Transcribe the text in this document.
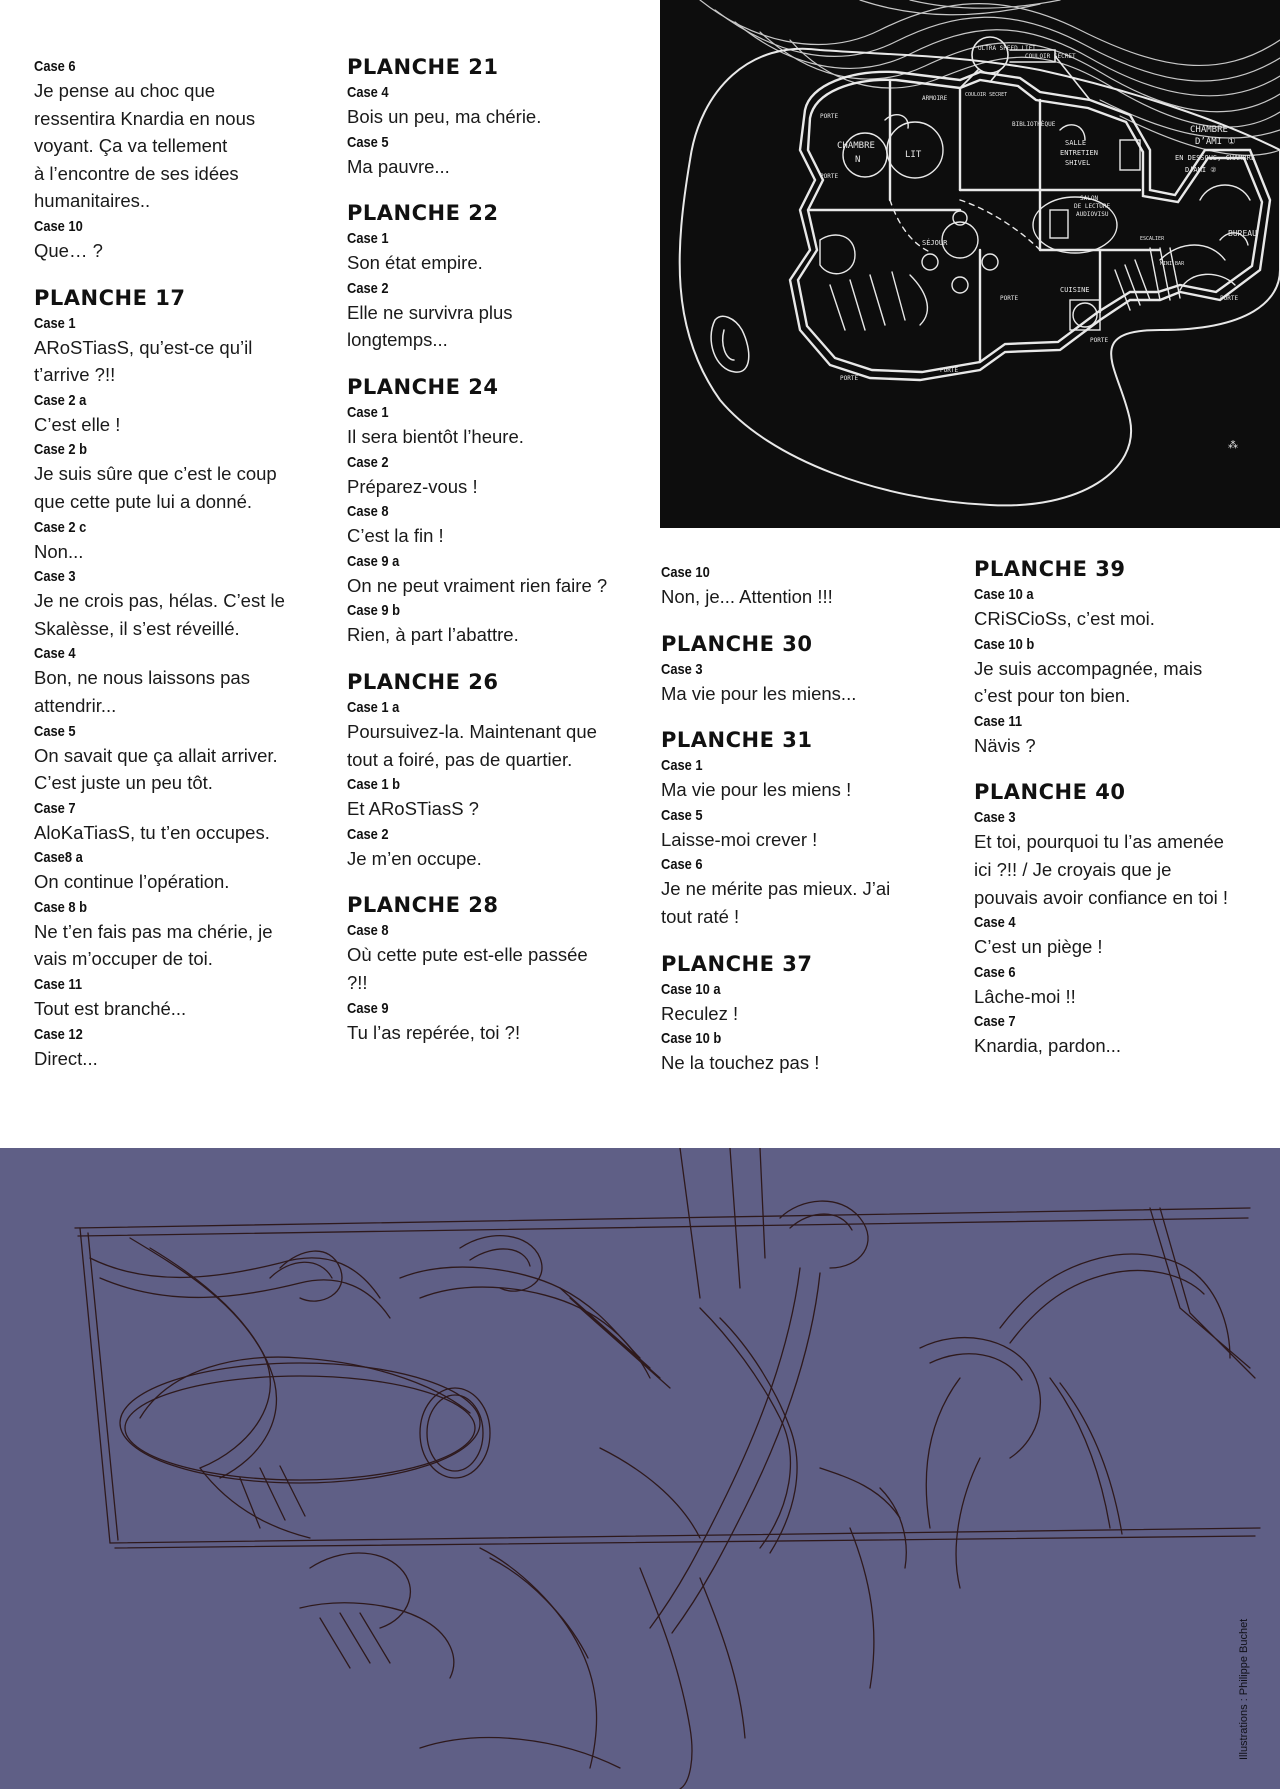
Case 6
Je pense au choc que
ressentira Knardia en nous
voyant. Ça va tellement
à l’encontre de ses idées
humanitaires..
Case 10
Que… ?
PLANCHE 17
Case 1
ARoSTiasS, qu’est-ce qu’il
t’arrive ?!!
Case 2 a
C’est elle !
Case 2 b
Je suis sûre que c’est le coup
que cette pute lui a donné.
Case 2 c
Non...
Case 3
Je ne crois pas, hélas. C’est le
Skalèsse, il s’est réveillé.
Case 4
Bon, ne nous laissons pas
attendrir...
Case 5
On savait que ça allait arriver.
C’est juste un peu tôt.
Case 7
AloKaTiasS, tu t’en occupes.
Case8 a
On continue l’opération.
Case 8 b
Ne t’en fais pas ma chérie, je
vais m’occuper de toi.
Case 11
Tout est branché...
Case 12
Direct...
PLANCHE 21
Case 4
Bois un peu, ma chérie.
Case 5
Ma pauvre...
PLANCHE 22
Case 1
Son état empire.
Case 2
Elle ne survivra plus
longtemps...
PLANCHE 24
Case 1
Il sera bientôt l’heure.
Case 2
Préparez-vous !
Case 8
C’est la fin !
Case 9 a
On ne peut vraiment rien faire ?
Case 9 b
Rien, à part l’abattre.
PLANCHE 26
Case 1 a
Poursuivez-la. Maintenant que
tout a foiré, pas de quartier.
Case 1 b
Et ARoSTiasS ?
Case 2
Je m’en occupe.
PLANCHE 28
Case 8
Où cette pute est-elle passée
?!!
Case 9
Tu l’as repérée, toi ?!
Case 10
Non, je... Attention !!!
PLANCHE 30
Case 3
Ma vie pour les miens...
PLANCHE 31
Case 1
Ma vie pour les miens !
Case 5
Laisse-moi crever !
Case 6
Je ne mérite pas mieux. J’ai
tout raté !
PLANCHE 37
Case 10 a
Reculez !
Case 10 b
Ne la touchez pas !
PLANCHE 39
Case 10 a
CRiSCioSs, c’est moi.
Case 10 b
Je suis accompagnée, mais
c’est pour ton bien.
Case 11
Nävis ?
PLANCHE 40
Case 3
Et toi, pourquoi tu l’as amenée
ici ?!! / Je croyais que je
pouvais avoir confiance en toi !
Case 4
C’est un piège !
Case 6
Lâche-moi !!
Case 7
Knardia, pardon...
ULTRA SPEED LIFT
COULOIR SECRET
ARMOIRE	COULOIR SECRET
PORTE
CHAMBRE
N	LIT
BIBLIOTHÈQUE
SALLE
ENTRETIEN
SHIVEL
CHAMBRE
D’AMI ①
EN DESSOUS, CHAMBRE
D’AMI ②
SALON
DE LECTURE
AUDIOVISU
PORTE
SÉJOUR
CUISINE
BUREAU
PORTE
PORTE
PORTE
PORTE
PORTE
MINI BAR
ESCALIER
⁂
Illustrations : Philippe Buchet
